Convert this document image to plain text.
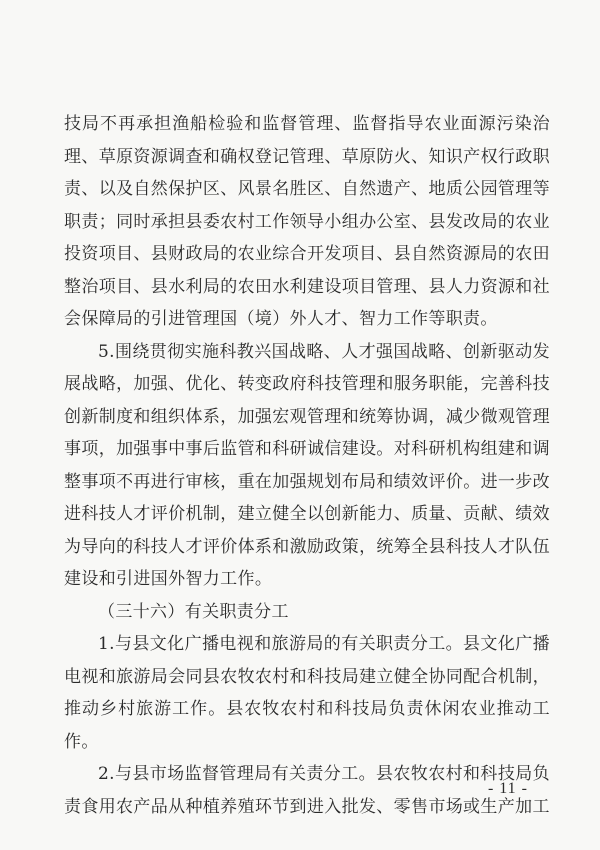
技局不再承担渔船检验和监督管理、监督指导农业面源污染治理、草原资源调查和确权登记管理、草原防火、知识产权行政职责、以及自然保护区、风景名胜区、自然遗产、地质公园管理等职责；同时承担县委农村工作领导小组办公室、县发改局的农业投资项目、县财政局的农业综合开发项目、县自然资源局的农田整治项目、县水利局的农田水利建设项目管理、县人力资源和社会保障局的引进管理国（境）外人才、智力工作等职责。

5.围绕贯彻实施科教兴国战略、人才强国战略、创新驱动发展战略，加强、优化、转变政府科技管理和服务职能，完善科技创新制度和组织体系，加强宏观管理和统筹协调，减少微观管理事项，加强事中事后监管和科研诚信建设。对科研机构组建和调整事项不再进行审核，重在加强规划布局和绩效评价。进一步改进科技人才评价机制，建立健全以创新能力、质量、贡献、绩效为导向的科技人才评价体系和激励政策，统筹全县科技人才队伍建设和引进国外智力工作。

（三十六）有关职责分工

1.与县文化广播电视和旅游局的有关职责分工。县文化广播电视和旅游局会同县农牧农村和科技局建立健全协同配合机制，推动乡村旅游工作。县农牧农村和科技局负责休闲农业推动工作。

2.与县市场监督管理局有关责分工。县农牧农村和科技局负责食用农产品从种植养殖环节到进入批发、零售市场或生产加工

- 11 -
